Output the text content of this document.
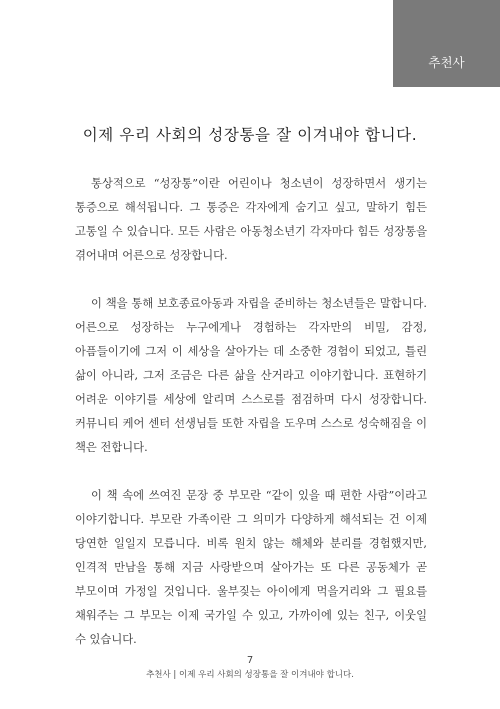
추천사
이제 우리 사회의 성장통을 잘 이겨내야 합니다.

통상적으로 “성장통”이란 어린이나 청소년이 성장하면서 생기는 통증으로 해석됩니다. 그 통증은 각자에게 숨기고 싶고, 말하기 힘든 고통일 수 있습니다. 모든 사람은 아동청소년기 각자마다 힘든 성장통을 겪어내며 어른으로 성장합니다.

이 책을 통해 보호종료아동과 자립을 준비하는 청소년들은 말합니다. 어른으로 성장하는 누구에게나 경험하는 각자만의 비밀, 감정, 아픔들이기에 그저 이 세상을 살아가는 데 소중한 경험이 되었고, 틀린 삶이 아니라, 그저 조금은 다른 삶을 산거라고 이야기합니다. 표현하기 어려운 이야기를 세상에 알리며 스스로를 점검하며 다시 성장합니다. 커뮤니티 케어 센터 선생님들 또한 자립을 도우며 스스로 성숙해짐을 이 책은 전합니다.

이 책 속에 쓰여진 문장 중 부모란 “같이 있을 때 편한 사람”이라고 이야기합니다. 부모란 가족이란 그 의미가 다양하게 해석되는 건 이제 당연한 일일지 모릅니다. 비록 원치 않는 해체와 분리를 경험했지만, 인격적 만남을 통해 지금 사랑받으며 살아가는 또 다른 공동체가 곧 부모이며 가정일 것입니다. 울부짖는 아이에게 먹을거리와 그 필요를 채워주는 그 부모는 이제 국가일 수 있고, 가까이에 있는 친구, 이웃일 수 있습니다.

7
추천사 | 이제 우리 사회의 성장통을 잘 이겨내야 합니다.
